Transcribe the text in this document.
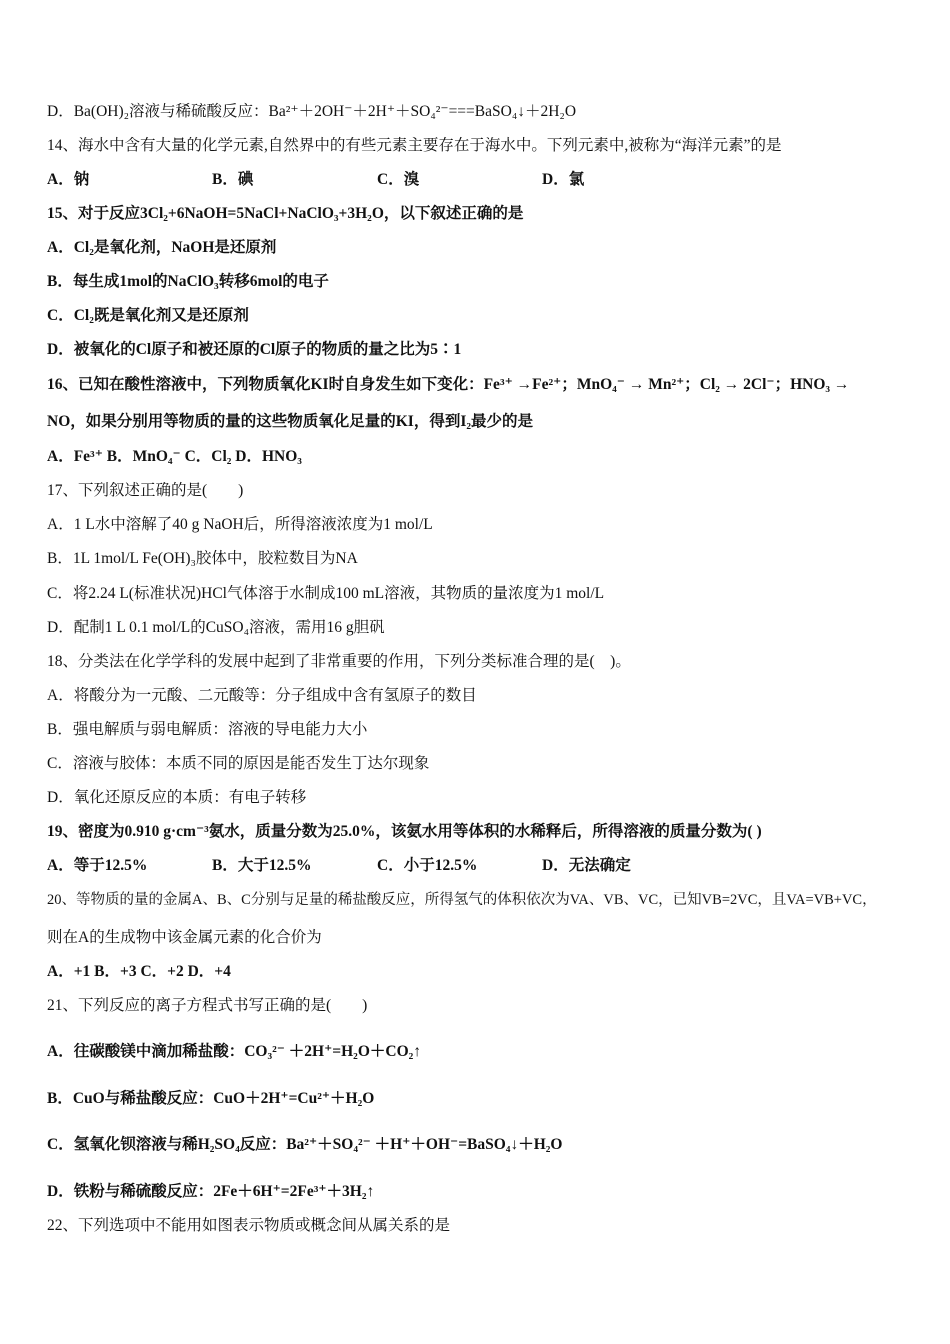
D．Ba(OH)₂溶液与稀硫酸反应：Ba²⁺＋2OH⁻＋2H⁺＋SO₄²⁻===BaSO₄↓＋2H₂O
14、海水中含有大量的化学元素,自然界中的有些元素主要存在于海水中。下列元素中,被称为“海洋元素”的是
A．钠	B．碘	C．溴	D．氯
15、对于反应3Cl₂+6NaOH=5NaCl+NaClO₃+3H₂O，以下叙述正确的是
A．Cl₂是氧化剂，NaOH是还原剂
B．每生成1mol的NaClO₃转移6mol的电子
C．Cl₂既是氧化剂又是还原剂
D．被氧化的Cl原子和被还原的Cl原子的物质的量之比为5∶1
16、已知在酸性溶液中，下列物质氧化KI时自身发生如下变化：Fe³⁺ →Fe²⁺；MnO₄⁻ → Mn²⁺；Cl₂ → 2Cl⁻；HNO₃ →
NO，如果分别用等物质的量的这些物质氧化足量的KI，得到I₂最少的是
A．Fe³⁺ B．MnO₄⁻ C．Cl₂ D．HNO₃
17、下列叙述正确的是(　　)
A．1 L水中溶解了40 g NaOH后，所得溶液浓度为1 mol/L
B．1L 1mol/L Fe(OH)₃胶体中，胶粒数目为NA
C．将2.24 L(标准状况)HCl气体溶于水制成100 mL溶液，其物质的量浓度为1 mol/L
D．配制1 L 0.1 mol/L的CuSO₄溶液，需用16 g胆矾
18、分类法在化学学科的发展中起到了非常重要的作用，下列分类标准合理的是(　)。
A．将酸分为一元酸、二元酸等：分子组成中含有氢原子的数目
B．强电解质与弱电解质：溶液的导电能力大小
C．溶液与胶体：本质不同的原因是能否发生丁达尔现象
D．氧化还原反应的本质：有电子转移
19、密度为0.910 g·cm⁻³氨水，质量分数为25.0%，该氨水用等体积的水稀释后，所得溶液的质量分数为( )
A．等于12.5%	B．大于12.5%	C．小于12.5%	D．无法确定
20、等物质的量的金属A、B、C分别与足量的稀盐酸反应，所得氢气的体积依次为VA、VB、VC，已知VB=2VC，且VA=VB+VC，
则在A的生成物中该金属元素的化合价为
A．+1 B．+3 C．+2 D．+4
21、下列反应的离子方程式书写正确的是(　　)
A．往碳酸镁中滴加稀盐酸：CO₃²⁻ ＋2H⁺=H₂O＋CO₂↑
B．CuO与稀盐酸反应：CuO＋2H⁺=Cu²⁺＋H₂O
C．氢氧化钡溶液与稀H₂SO₄反应：Ba²⁺＋SO₄²⁻ ＋H⁺＋OH⁻=BaSO₄↓＋H₂O
D．铁粉与稀硫酸反应：2Fe＋6H⁺=2Fe³⁺＋3H₂↑
22、下列选项中不能用如图表示物质或概念间从属关系的是
